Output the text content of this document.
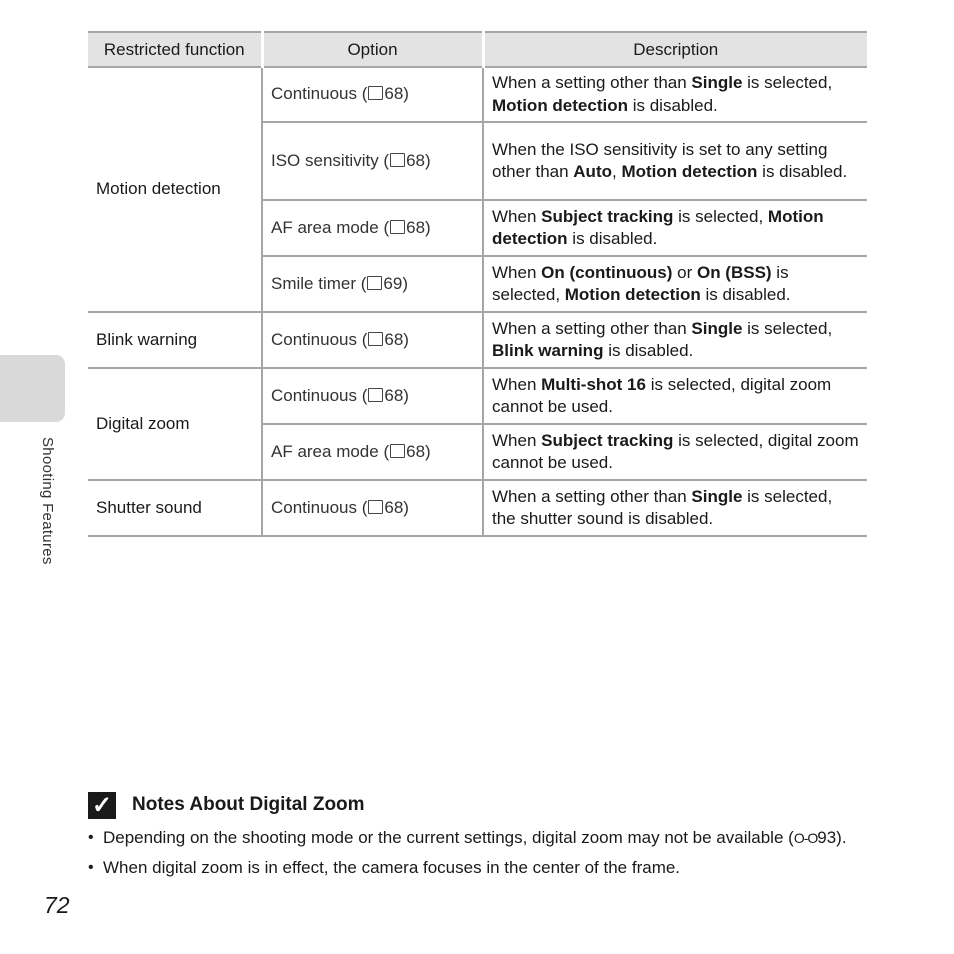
Shooting Features
Restricted function	Option	Description
Motion detection	Continuous ( 68)	When a setting other than Single is selected, Motion detection is disabled.
	ISO sensitivity ( 68)	When the ISO sensitivity is set to any setting other than Auto, Motion detection is disabled.
	AF area mode ( 68)	When Subject tracking is selected, Motion detection is disabled.
	Smile timer ( 69)	When On (continuous) or On (BSS) is selected, Motion detection is disabled.
Blink warning	Continuous ( 68)	When a setting other than Single is selected, Blink warning is disabled.
Digital zoom	Continuous ( 68)	When Multi-shot 16 is selected, digital zoom cannot be used.
	AF area mode ( 68)	When Subject tracking is selected, digital zoom cannot be used.
Shutter sound	Continuous ( 68)	When a setting other than Single is selected, the shutter sound is disabled.
✓ Notes About Digital Zoom
• Depending on the shooting mode or the current settings, digital zoom may not be available (O-O93).
• When digital zoom is in effect, the camera focuses in the center of the frame.
72
